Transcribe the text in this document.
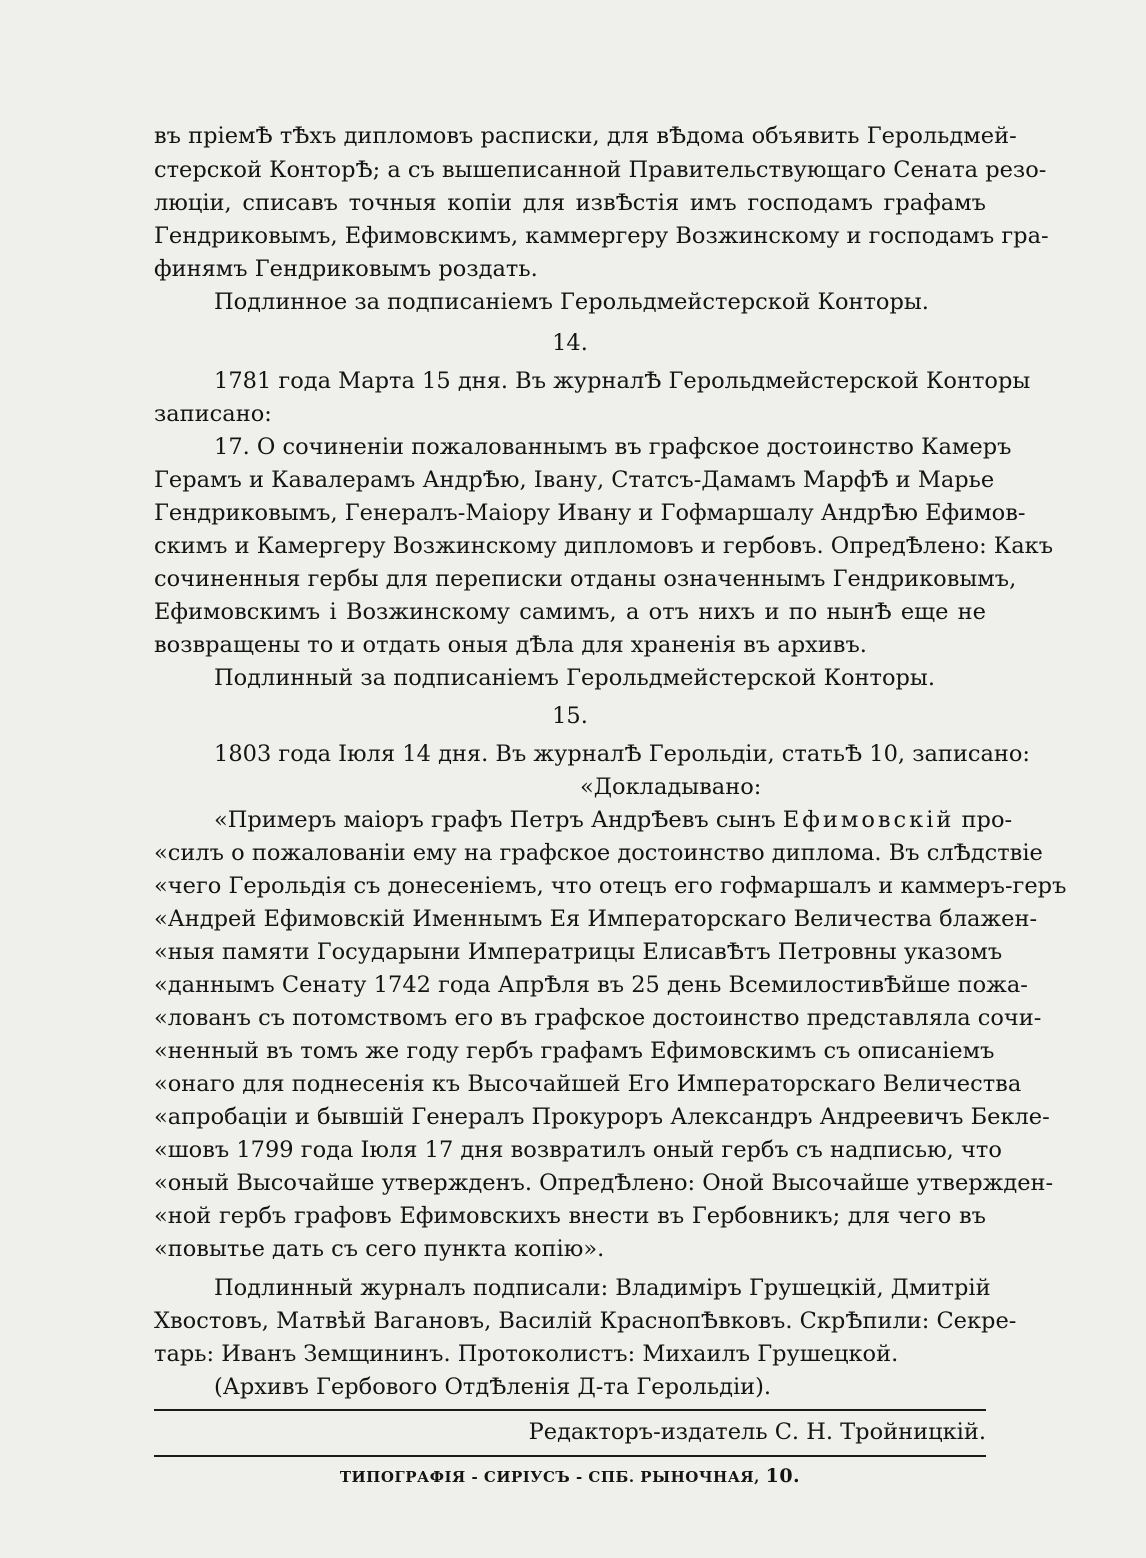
въ пріемѢ тѢхъ дипломовъ расписки, для вѢдома объявить Герольдмей-
стерской КонторѢ; а съ вышеписанной Правительствующаго Сената резо-
люціи, списавъ точныя копіи для извѢстія имъ господамъ графамъ
Гендриковымъ, Ефимовскимъ, каммергеру Возжинскому и господамъ гра-
финямъ Гендриковымъ роздать.
Подлинное за подписаніемъ Герольдмейстерской Конторы.
14.
1781 года Марта 15 дня. Въ журналѢ Герольдмейстерской Конторы
записано:
17. О сочиненіи пожалованнымъ въ графское достоинство Камеръ
Герамъ и Кавалерамъ АндрѢю, Івану, Статсъ-Дамамъ МарфѢ и Марье
Гендриковымъ, Генералъ-Маіору Ивану и Гофмаршалу АндрѢю Ефимов-
скимъ и Камергеру Возжинскому дипломовъ и гербовъ. ОпредѢлено: Какъ
сочиненныя гербы для переписки отданы означеннымъ Гендриковымъ,
Ефимовскимъ і Возжинскому самимъ, а отъ нихъ и по нынѢ еще не
возвращены то и отдать оныя дѢла для храненія въ архивъ.
Подлинный за подписаніемъ Герольдмейстерской Конторы.
15.
1803 года Іюля 14 дня. Въ журналѢ Герольдіи, статьѢ 10, записано:
«Докладывано:
«Примеръ маіоръ графъ Петръ АндрѢевъ сынъ Ефимовскій про-
«силъ о пожалованіи ему на графское достоинство диплома. Въ слѢдствіе
«чего Герольдія съ донесеніемъ, что отецъ его гофмаршалъ и каммеръ-геръ
«Андрей Ефимовскій Именнымъ Ея Императорскаго Величества блажен-
«ныя памяти Государыни Императрицы ЕлисавѢтъ Петровны указомъ
«даннымъ Сенату 1742 года АпрѢля въ 25 день ВсемилостивѢйше пожа-
«лованъ съ потомствомъ его въ графское достоинство представляла сочи-
«ненный въ томъ же году гербъ графамъ Ефимовскимъ съ описаніемъ
«онаго для поднесенія къ Высочайшей Его Императорскаго Величества
«апробаціи и бывшій Генералъ Прокуроръ Александръ Андреевичъ Бекле-
«шовъ 1799 года Іюля 17 дня возвратилъ оный гербъ съ надписью, что
«оный Высочайше утвержденъ. ОпредѢлено: Оной Высочайше утвержден-
«ной гербъ графовъ Ефимовскихъ внести въ Гербовникъ; для чего въ
«повытье дать съ сего пункта копію».
Подлинный журналъ подписали: Владиміръ Грушецкій, Дмитрій
Хвостовъ, Матвѣй Вагановъ, Василій КраснопѢвковъ. СкрѢпили: Секре-
тарь: Иванъ Земщининъ. Протоколистъ: Михаилъ Грушецкой.
(Архивъ Гербового ОтдѢленія Д-та Герольдіи).
Редакторъ-издатель С. Н. Тройницкій.
ТИПОГРАФІЯ - СИРІУСЪ - СПБ. РЫНОЧНАЯ, 10.
